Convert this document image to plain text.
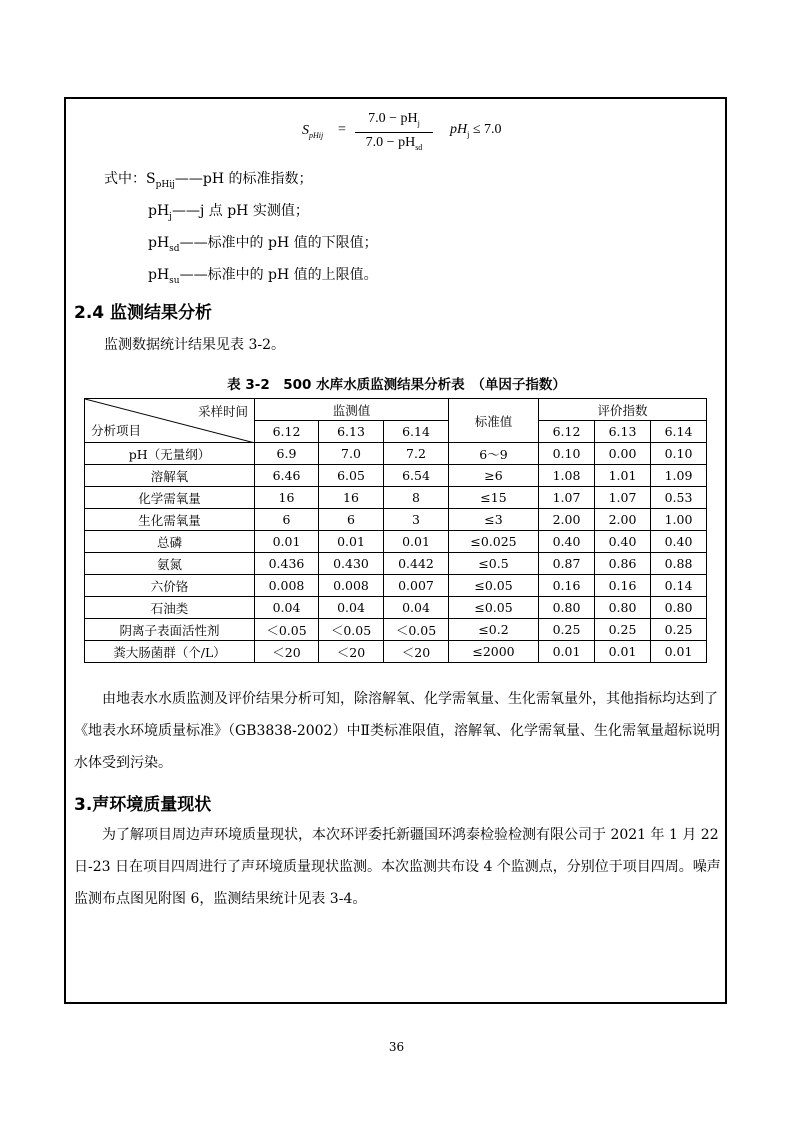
$S_{pHij}$ =
$7.0 - pH_j$
$7.0 - pH_{sd}$
$pH_j \le 7.0$
式中：$S_{pHij}——pH$ 的标准指数；
$pH_j——j$ 点 pH 实测值；
$pH_{sd}——$标准中的 pH 值的下限值；
$pH_{su}——$标准中的 pH 值的上限值。
2.4 监测结果分析
监测数据统计结果见表 3-2。
表 3-2　500 水库水质监测结果分析表　（单因子指数）
采样时间
分析项目	监测值			标准值	评价指数		
	6.12	6.13	6.14		6.12	6.13	6.14
pH（无量纲）	6.9	7.0	7.2	6～9	0.10	0.00	0.10
溶解氧	6.46	6.05	6.54	≥6	1.08	1.01	1.09
化学需氧量	16	16	8	≤15	1.07	1.07	0.53
生化需氧量	6	6	3	≤3	2.00	2.00	1.00
总磷	0.01	0.01	0.01	≤0.025	0.40	0.40	0.40
氨氮	0.436	0.430	0.442	≤0.5	0.87	0.86	0.88
六价铬	0.008	0.008	0.007	≤0.05	0.16	0.16	0.14
石油类	0.04	0.04	0.04	≤0.05	0.80	0.80	0.80
阴离子表面活性剂	＜0.05	＜0.05	＜0.05	≤0.2	0.25	0.25	0.25
粪大肠菌群（个/L）	＜20	＜20	＜20	≤2000	0.01	0.01	0.01
由地表水水质监测及评价结果分析可知，除溶解氧、化学需氧量、生化需氧量外，其他指标均达到了《地表水环境质量标准》（GB3838-2002）中Ⅱ类标准限值，溶解氧、化学需氧量、生化需氧量超标说明水体受到污染。
3.声环境质量现状
为了解项目周边声环境质量现状，本次环评委托新疆国环鸿泰检验检测有限公司于 2021 年 1 月 22 日-23 日在项目四周进行了声环境质量现状监测。本次监测共布设 4 个监测点，分别位于项目四周。噪声监测布点图见附图 6，监测结果统计见表 3-4。
36
